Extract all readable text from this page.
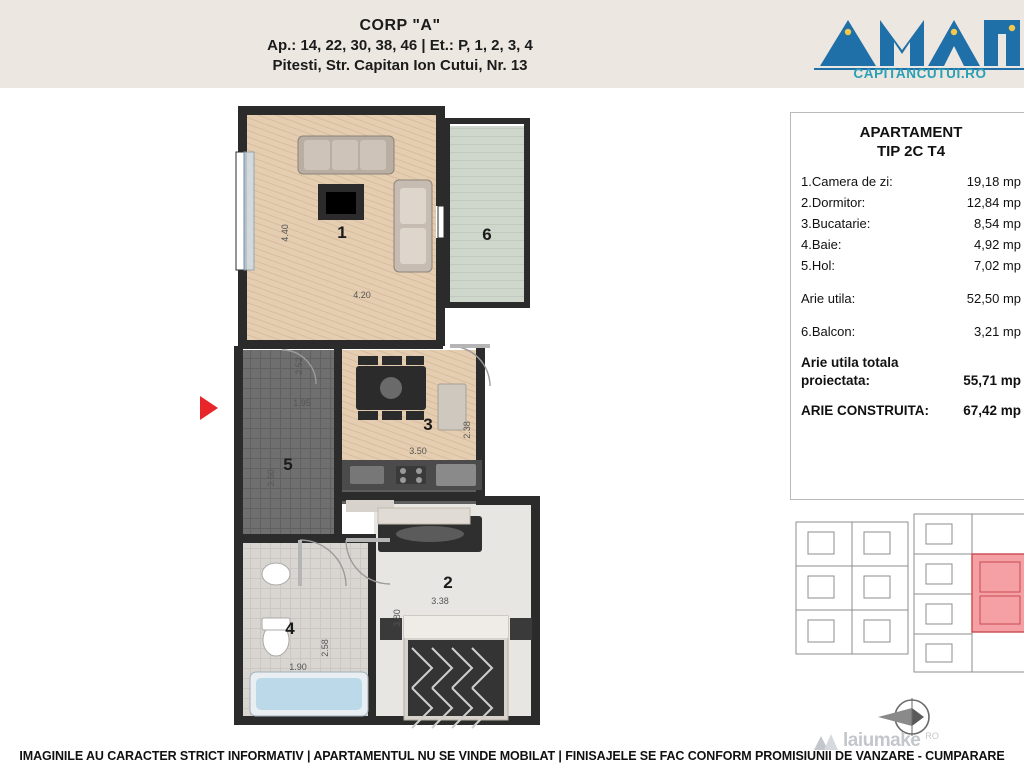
CORP "A"
Ap.: 14, 22, 30, 38, 46 | Et.: P, 1, 2, 3, 4
Pitesti, Str. Capitan Ion Cutui, Nr. 13	CAPITANCUTUI.RO
1	6
5
3
4
2
4.40
4.20
2.52
1.95
3.60
2.38
3.50
3.38
3.80
2.58
1.90
APARTAMENT
TIP 2C T4
1.Camera de zi:	19,18 mp
2.Dormitor:	12,84 mp
3.Bucatarie:	8,54 mp
4.Baie:	4,92 mp
5.Hol:	7,02 mp
Arie utila:	52,50 mp
6.Balcon:	3,21 mp
Arie utila totala
proiectata:	55,71 mp
ARIE CONSTRUITA:	67,42 mp
laiumake RO
IMAGINILE AU CARACTER STRICT INFORMATIV | APARTAMENTUL NU SE VINDE MOBILAT | FINISAJELE SE FAC CONFORM PROMISIUNII DE VANZARE - CUMPARARE
